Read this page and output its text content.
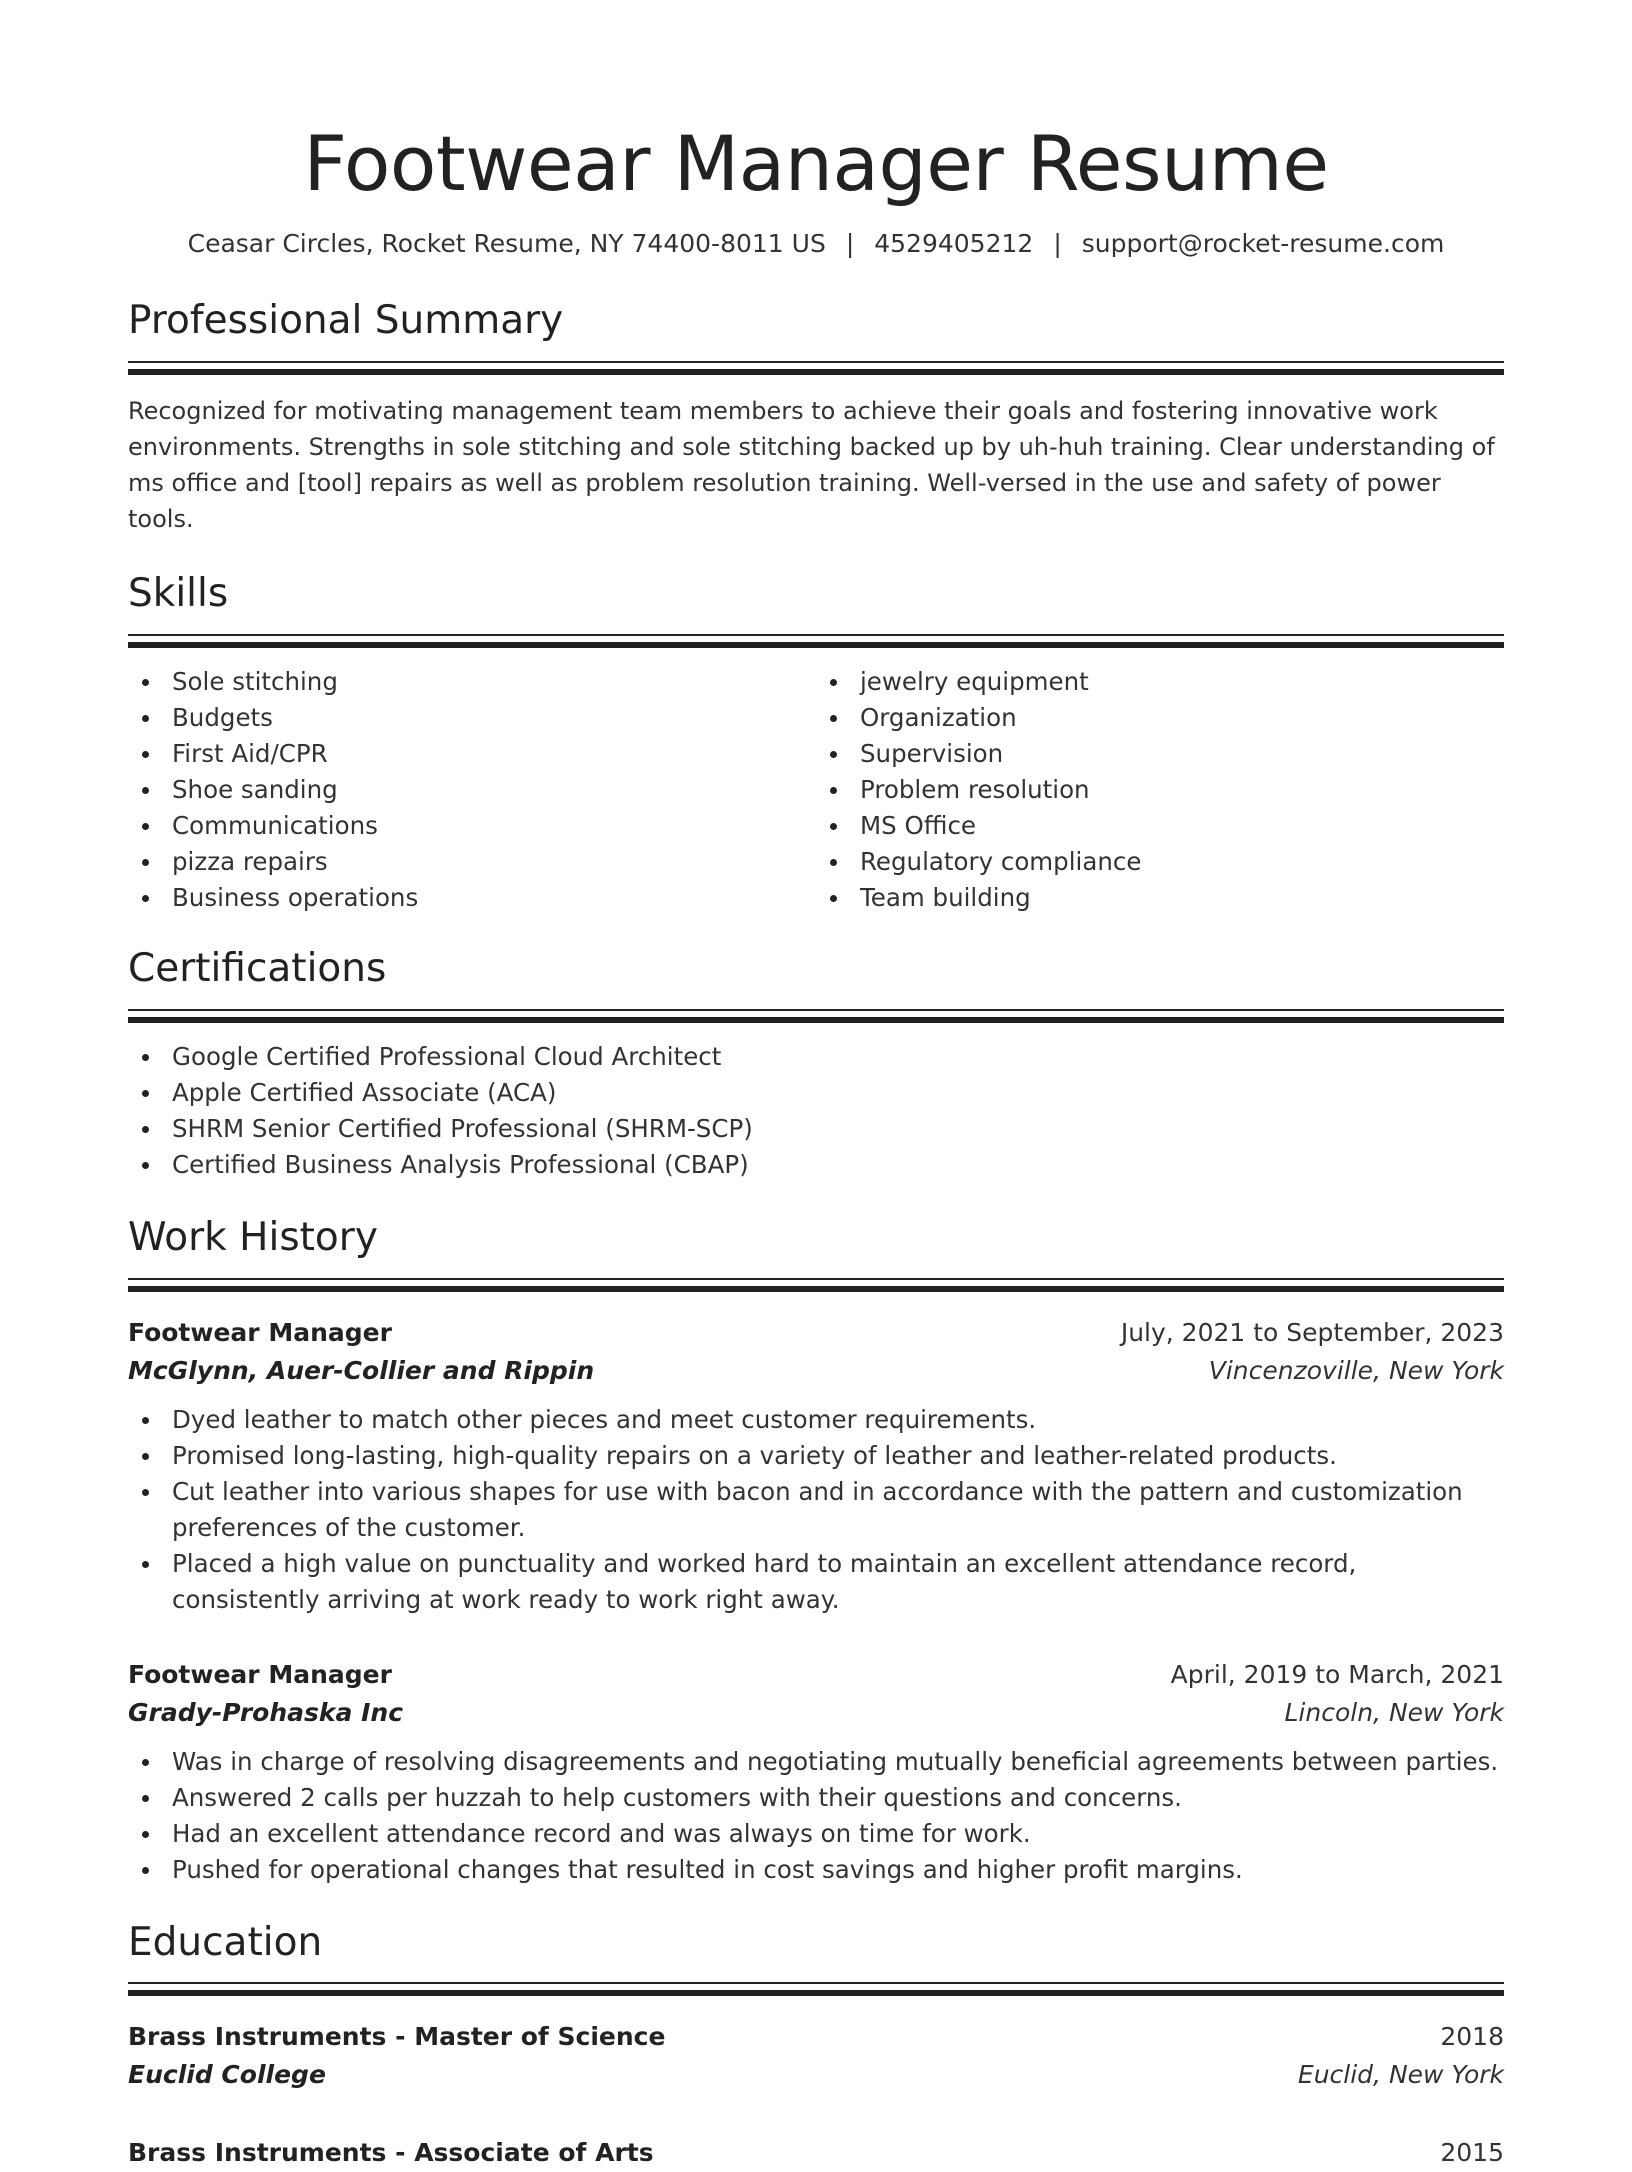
Footwear Manager Resume
Ceasar Circles, Rocket Resume, NY 74400-8011 US | 4529405212 | support@rocket-resume.com
Professional Summary
Recognized for motivating management team members to achieve their goals and fostering innovative work environments. Strengths in sole stitching and sole stitching backed up by uh-huh training. Clear understanding of ms office and [tool] repairs as well as problem resolution training. Well-versed in the use and safety of power tools.
Skills
Sole stitching
Budgets
First Aid/CPR
Shoe sanding
Communications
pizza repairs
Business operations
jewelry equipment
Organization
Supervision
Problem resolution
MS Office
Regulatory compliance
Team building
Certifications
Google Certified Professional Cloud Architect
Apple Certified Associate (ACA)
SHRM Senior Certified Professional (SHRM-SCP)
Certified Business Analysis Professional (CBAP)
Work History
Footwear Manager	July, 2021 to September, 2023
McGlynn, Auer-Collier and Rippin	Vincenzoville, New York
Dyed leather to match other pieces and meet customer requirements.
Promised long-lasting, high-quality repairs on a variety of leather and leather-related products.
Cut leather into various shapes for use with bacon and in accordance with the pattern and customization preferences of the customer.
Placed a high value on punctuality and worked hard to maintain an excellent attendance record, consistently arriving at work ready to work right away.
Footwear Manager	April, 2019 to March, 2021
Grady-Prohaska Inc	Lincoln, New York
Was in charge of resolving disagreements and negotiating mutually beneficial agreements between parties.
Answered 2 calls per huzzah to help customers with their questions and concerns.
Had an excellent attendance record and was always on time for work.
Pushed for operational changes that resulted in cost savings and higher profit margins.
Education
Brass Instruments - Master of Science	2018
Euclid College	Euclid, New York
Brass Instruments - Associate of Arts	2015
